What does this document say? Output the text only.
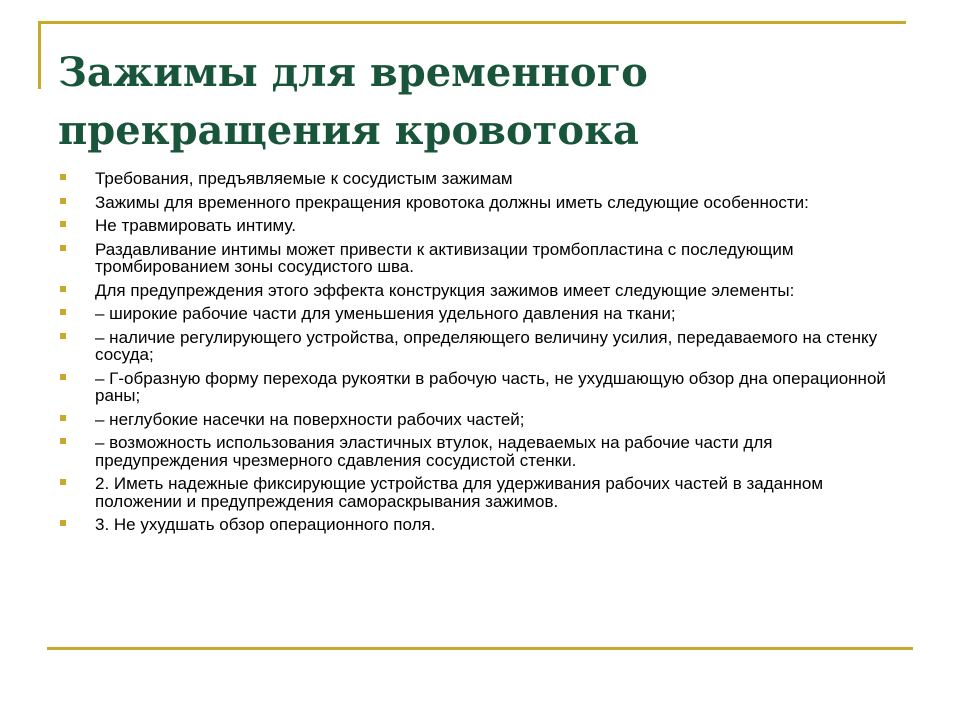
Зажимы для временного
прекращения кровотока
Требования, предъявляемые к сосудистым зажимам
Зажимы для временного прекращения кровотока должны иметь следующие особенности:
Не травмировать интиму.
Раздавливание интимы может привести к активизации тромбопластина с последующим тромбированием зоны сосудистого шва.
Для предупреждения этого эффекта конструкция зажимов имеет следующие элементы:
– широкие рабочие части для уменьшения удельного давления на ткани;
– наличие регулирующего устройства, определяющего величину усилия, передаваемого на стенку сосуда;
– Г-образную форму перехода рукоятки в рабочую часть, не ухудшающую обзор дна операционной раны;
– неглубокие насечки на поверхности рабочих частей;
– возможность использования эластичных втулок, надеваемых на рабочие части для предупреждения чрезмерного сдавления сосудистой стенки.
2. Иметь надежные фиксирующие устройства для удерживания рабочих частей в заданном положении и предупреждения самораскрывания зажимов.
3. Не ухудшать обзор операционного поля.
